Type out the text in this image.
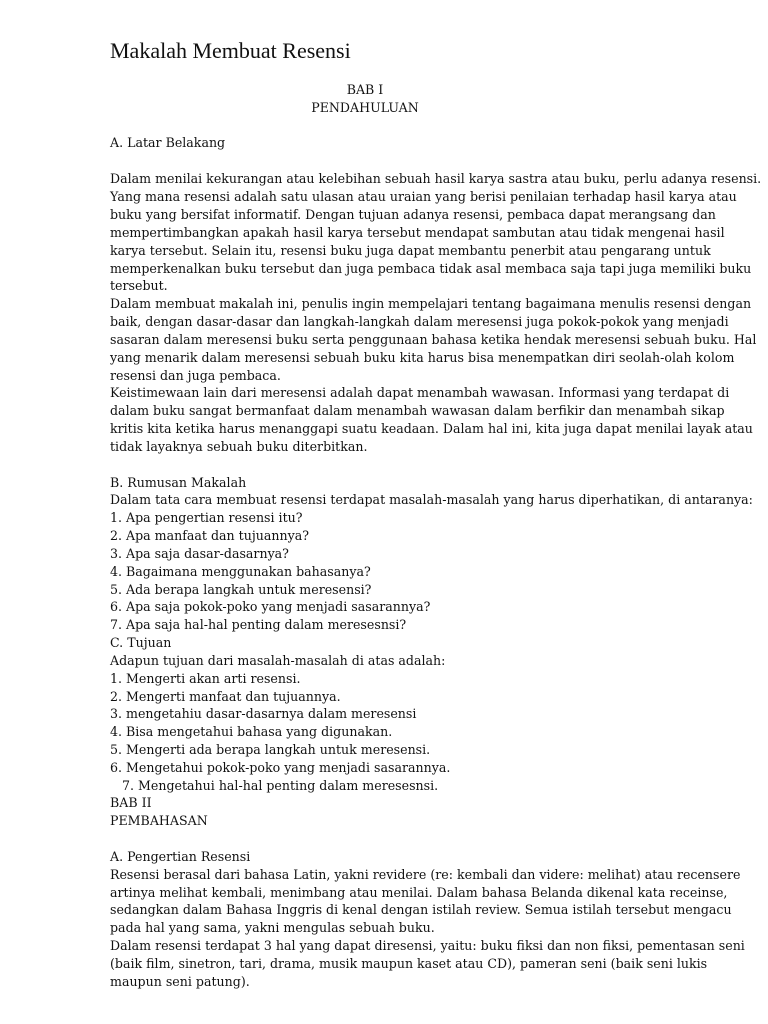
Makalah Membuat Resensi
BAB I
PENDAHULUAN
A. Latar Belakang
Dalam menilai kekurangan atau kelebihan sebuah hasil karya sastra atau buku, perlu adanya resensi.
Yang mana resensi adalah satu ulasan atau uraian yang berisi penilaian terhadap hasil karya atau
buku yang bersifat informatif. Dengan tujuan adanya resensi, pembaca dapat merangsang dan
mempertimbangkan apakah hasil karya tersebut mendapat sambutan atau tidak mengenai hasil
karya tersebut. Selain itu, resensi buku juga dapat membantu penerbit atau pengarang untuk
memperkenalkan buku tersebut dan juga pembaca tidak asal membaca saja tapi juga memiliki buku
tersebut.
Dalam membuat makalah ini, penulis ingin mempelajari tentang bagaimana menulis resensi dengan
baik, dengan dasar-dasar dan langkah-langkah dalam meresensi juga pokok-pokok yang menjadi
sasaran dalam meresensi buku serta penggunaan bahasa ketika hendak meresensi sebuah buku. Hal
yang menarik dalam meresensi sebuah buku kita harus bisa menempatkan diri seolah-olah kolom
resensi dan juga pembaca.
Keistimewaan lain dari meresensi adalah dapat menambah wawasan. Informasi yang terdapat di
dalam buku sangat bermanfaat dalam menambah wawasan dalam berfikir dan menambah sikap
kritis kita ketika harus menanggapi suatu keadaan. Dalam hal ini, kita juga dapat menilai layak atau
tidak layaknya sebuah buku diterbitkan.
B. Rumusan Makalah
Dalam tata cara membuat resensi terdapat masalah-masalah yang harus diperhatikan, di antaranya:
1. Apa pengertian resensi itu?
2. Apa manfaat dan tujuannya?
3. Apa saja dasar-dasarnya?
4. Bagaimana menggunakan bahasanya?
5. Ada berapa langkah untuk meresensi?
6. Apa saja pokok-poko yang menjadi sasarannya?
7. Apa saja hal-hal penting dalam meresesnsi?
C. Tujuan
Adapun tujuan dari masalah-masalah di atas adalah:
1. Mengerti akan arti resensi.
2. Mengerti manfaat dan tujuannya.
3. mengetahiu dasar-dasarnya dalam meresensi
4. Bisa mengetahui bahasa yang digunakan.
5. Mengerti ada berapa langkah untuk meresensi.
6. Mengetahui pokok-poko yang menjadi sasarannya.
7. Mengetahui hal-hal penting dalam meresesnsi.
BAB II
PEMBAHASAN
A. Pengertian Resensi
Resensi berasal dari bahasa Latin, yakni revidere (re: kembali dan videre: melihat) atau recensere
artinya melihat kembali, menimbang atau menilai. Dalam bahasa Belanda dikenal kata receinse,
sedangkan dalam Bahasa Inggris di kenal dengan istilah review. Semua istilah tersebut mengacu
pada hal yang sama, yakni mengulas sebuah buku.
Dalam resensi terdapat 3 hal yang dapat diresensi, yaitu: buku fiksi dan non fiksi, pementasan seni
(baik film, sinetron, tari, drama, musik maupun kaset atau CD), pameran seni (baik seni lukis
maupun seni patung).
